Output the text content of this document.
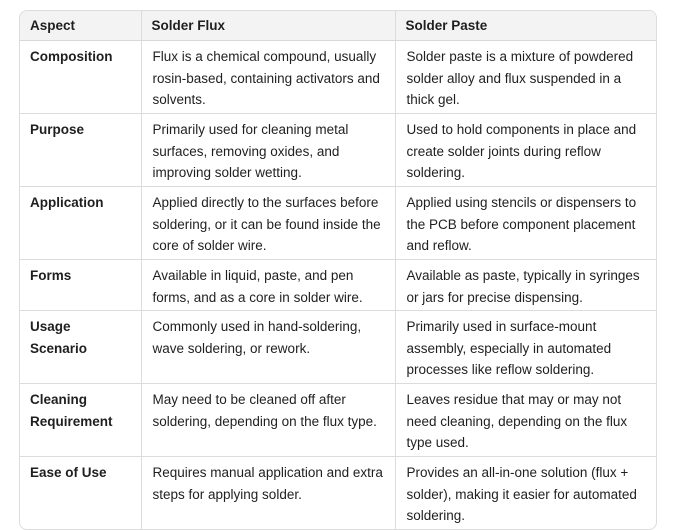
Aspect	Solder Flux	Solder Paste

Composition	Flux is a chemical compound, usually rosin-based, containing activators and solvents.	Solder paste is a mixture of powdered solder alloy and flux suspended in a thick gel.

Purpose	Primarily used for cleaning metal surfaces, removing oxides, and improving solder wetting.	Used to hold components in place and create solder joints during reflow soldering.

Application	Applied directly to the surfaces before soldering, or it can be found inside the core of solder wire.	Applied using stencils or dispensers to the PCB before component placement and reflow.

Forms	Available in liquid, paste, and pen forms, and as a core in solder wire.	Available as paste, typically in syringes or jars for precise dispensing.

Usage Scenario	Commonly used in hand-soldering, wave soldering, or rework.	Primarily used in surface-mount assembly, especially in automated processes like reflow soldering.

Cleaning Requirement	May need to be cleaned off after soldering, depending on the flux type.	Leaves residue that may or may not need cleaning, depending on the flux type used.

Ease of Use	Requires manual application and extra steps for applying solder.	Provides an all-in-one solution (flux + solder), making it easier for automated soldering.
